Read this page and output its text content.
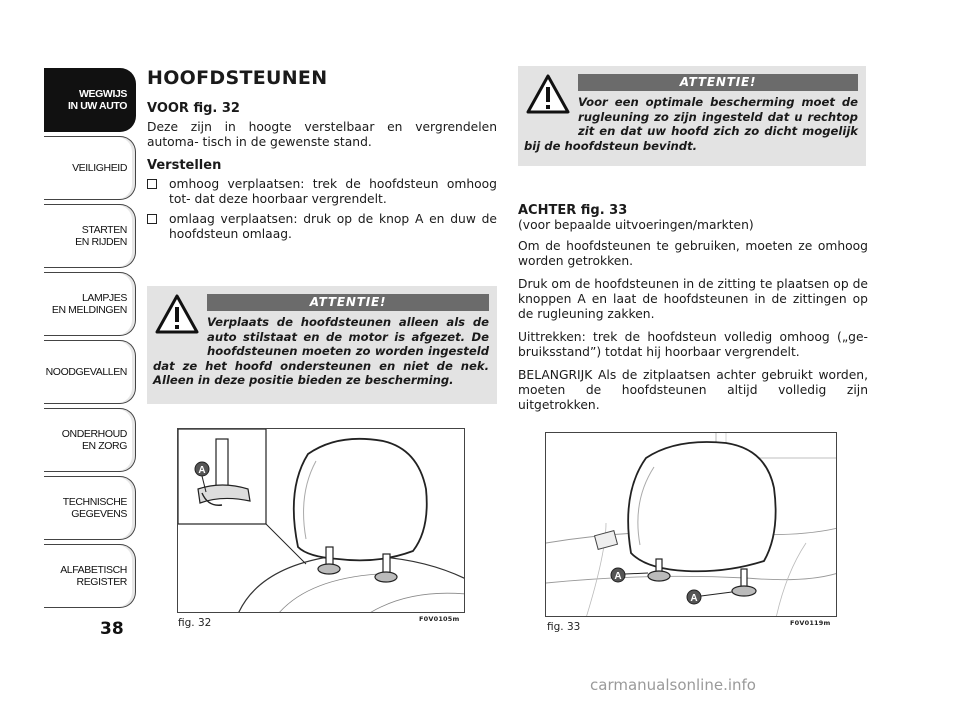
WEGWIJS
IN UW AUTO
VEILIGHEID
STARTEN
EN RIJDEN
LAMPJES
EN MELDINGEN
NOODGEVALLEN
ONDERHOUD
EN ZORG
TECHNISCHE
GEGEVENS
ALFABETISCH
REGISTER
38
HOOFDSTEUNEN
VOOR fig. 32
Deze zijn in hoogte verstelbaar en vergrendelen automa- tisch in de gewenste stand.
Verstellen
omhoog verplaatsen: trek de hoofdsteun omhoog tot- dat deze hoorbaar vergrendelt.
omlaag verplaatsen: druk op de knop A en duw de hoofdsteun omlaag.
ATTENTIE!
Verplaats de hoofdsteunen alleen als de auto stilstaat en de motor is afgezet. De hoofdsteunen moeten zo worden ingesteld dat ze het hoofd ondersteunen en niet de nek. Alleen in deze positie bieden ze bescherming.
ATTENTIE!
Voor een optimale bescherming moet de rugleuning zo zijn ingesteld dat u rechtop zit en dat uw hoofd zich zo dicht mogelijk bij de hoofdsteun bevindt.
ACHTER fig. 33
(voor bepaalde uitvoeringen/markten)
Om de hoofdsteunen te gebruiken, moeten ze omhoog worden getrokken.
Druk om de hoofdsteunen in de zitting te plaatsen op de knoppen A en laat de hoofdsteunen in de zittingen op de rugleuning zakken.
Uittrekken: trek de hoofdsteun volledig omhoog („ge- bruiksstand”) totdat hij hoorbaar vergrendelt.
BELANGRIJK Als de zitplaatsen achter gebruikt worden, moeten de hoofdsteunen altijd volledig zijn uitgetrokken.
A
fig. 32	F0V0105m
A
A
fig. 33	F0V0119m
carmanualsonline.info
